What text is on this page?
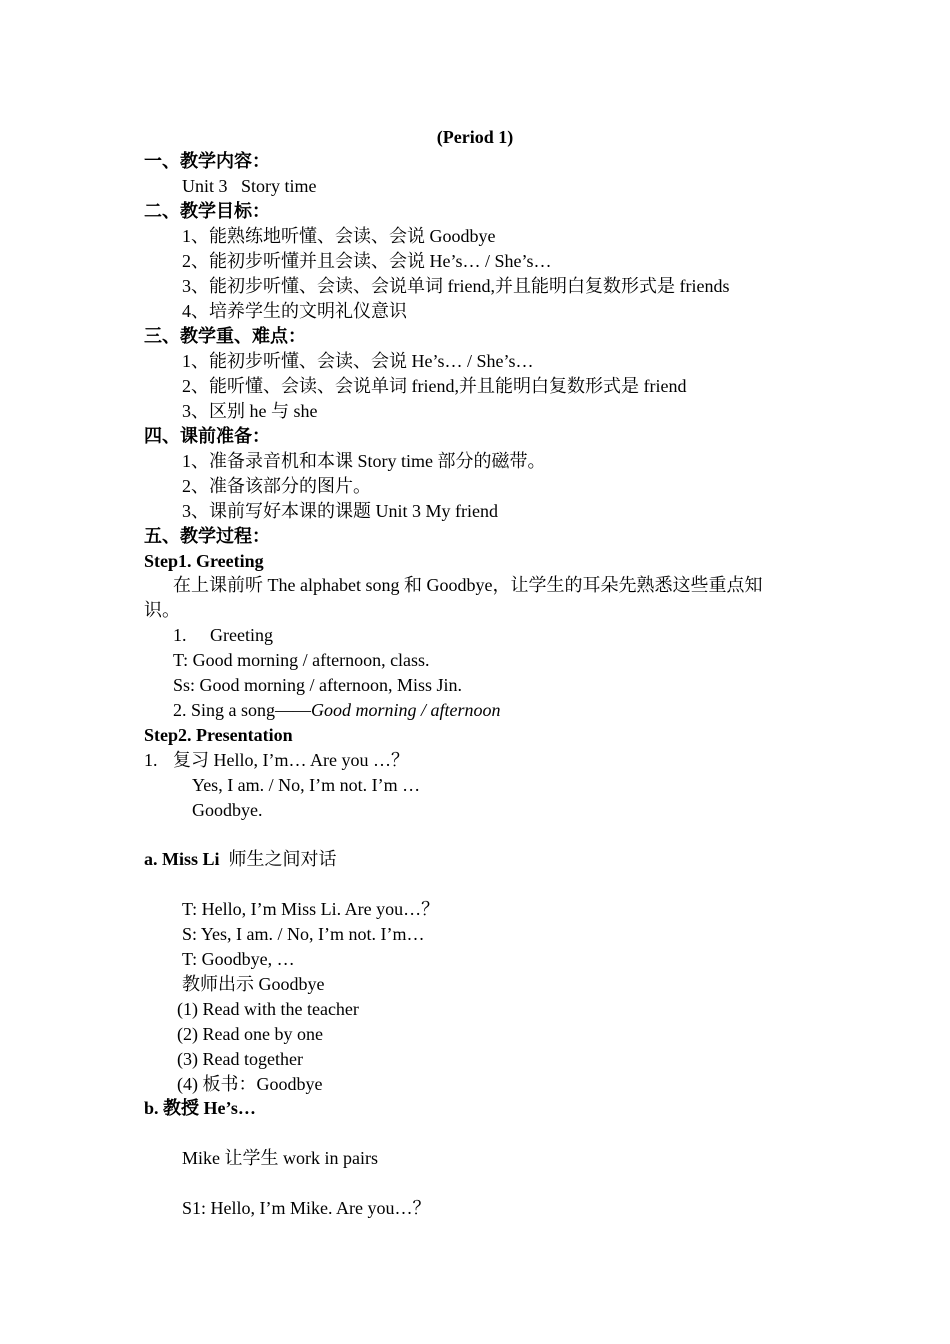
(Period 1)
一、教学内容：
Unit 3   Story time
二、教学目标：
1、能熟练地听懂、会读、会说 Goodbye
2、能初步听懂并且会读、会说 He’s… / She’s…
3、能初步听懂、会读、会说单词 friend,并且能明白复数形式是 friends
4、培养学生的文明礼仪意识
三、教学重、难点：
1、能初步听懂、会读、会说 He’s… / She’s…
2、能听懂、会读、会说单词 friend,并且能明白复数形式是 friend
3、区别 he 与 she
四、课前准备：
1、准备录音机和本课 Story time 部分的磁带。
2、准备该部分的图片。
3、课前写好本课的课题 Unit 3 My friend
五、教学过程：
Step1. Greeting
在上课前听 The alphabet song 和 Goodbye，让学生的耳朵先熟悉这些重点知
识。
1. Greeting
T: Good morning / afternoon, class.
Ss: Good morning / afternoon, Miss Jin.
2. Sing a song——Good morning / afternoon
Step2. Presentation
1. 复习 Hello, I’m… Are you …？
Yes, I am. / No, I’m not. I’m …
Goodbye.
a. Miss Li 师生之间对话
T: Hello, I’m Miss Li. Are you…？
S: Yes, I am. / No, I’m not. I’m…
T: Goodbye, …
教师出示 Goodbye
(1) Read with the teacher
(2) Read one by one
(3) Read together
(4) 板书：Goodbye
b. 教授 He’s…
Mike 让学生 work in pairs
S1: Hello, I’m Mike. Are you…？
